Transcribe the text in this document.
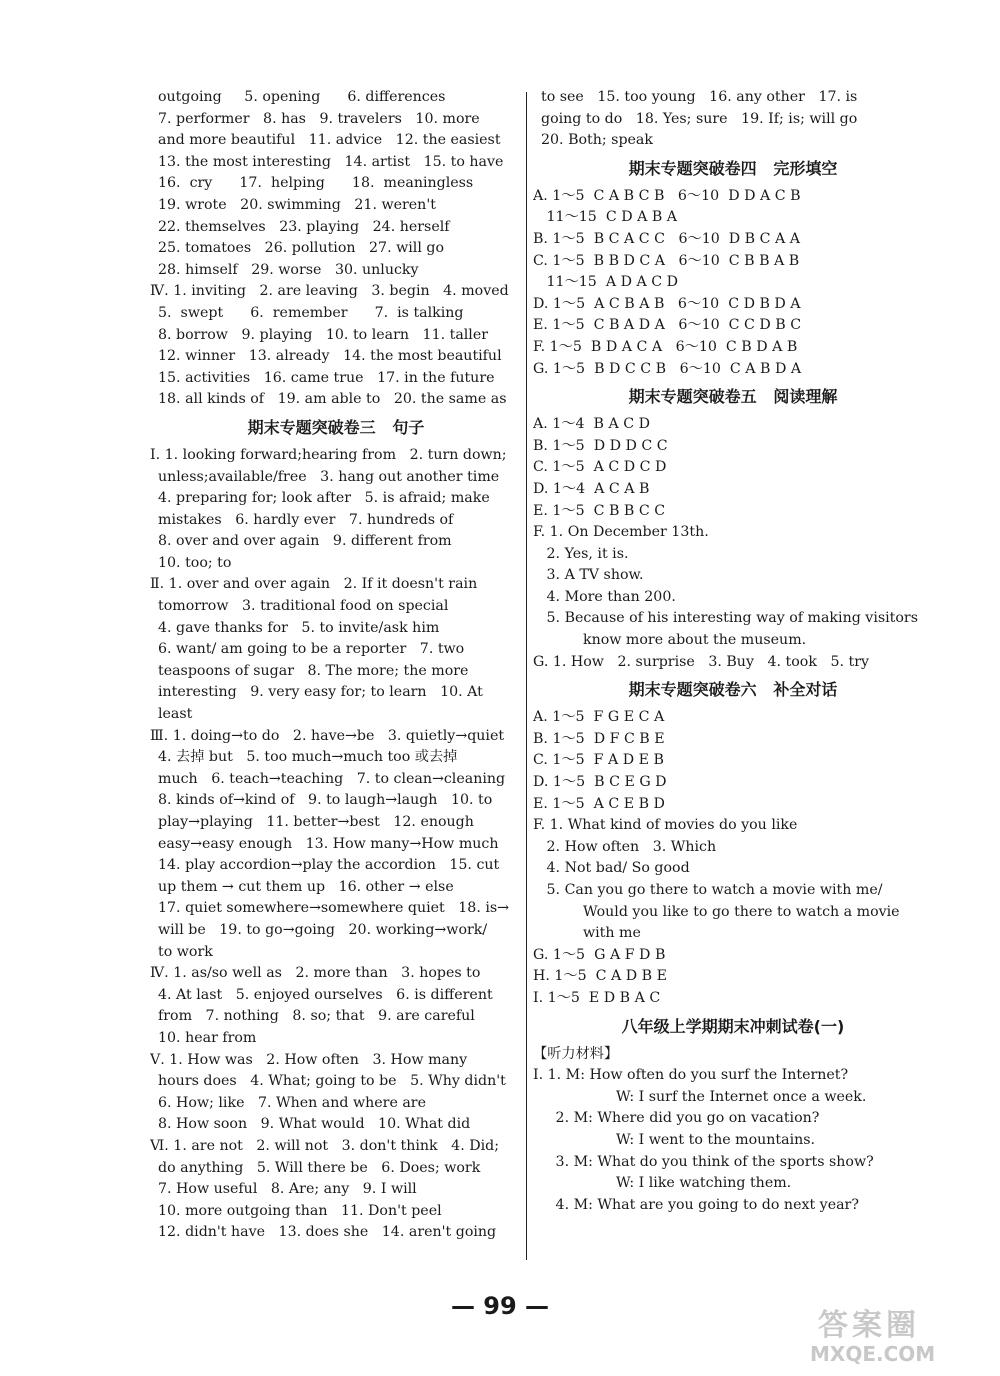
outgoing     5. opening      6. differences
7. performer   8. has   9. travelers   10. more
and more beautiful   11. advice   12. the easiest
13. the most interesting   14. artist   15. to have
16.  cry      17.  helping      18.  meaningless
19. wrote   20. swimming   21. weren't
22. themselves   23. playing   24. herself
25. tomatoes   26. pollution   27. will go
28. himself   29. worse   30. unlucky
Ⅳ. 1. inviting   2. are leaving   3. begin   4. moved
5.  swept      6.  remember      7.  is talking
8. borrow   9. playing   10. to learn   11. taller
12. winner   13. already   14. the most beautiful
15. activities   16. came true   17. in the future
18. all kinds of   19. am able to   20. the same as
期末专题突破卷三   句子
Ⅰ. 1. looking forward;hearing from   2. turn down;
unless;available/free   3. hang out another time
4. preparing for; look after   5. is afraid; make
mistakes   6. hardly ever   7. hundreds of
8. over and over again   9. different from
10. too; to
Ⅱ. 1. over and over again   2. If it doesn't rain
tomorrow   3. traditional food on special
4. gave thanks for   5. to invite/ask him
6. want/ am going to be a reporter   7. two
teaspoons of sugar   8. The more; the more
interesting   9. very easy for; to learn   10. At
least
Ⅲ. 1. doing→to do   2. have→be   3. quietly→quiet
4. 去掉 but   5. too much→much too 或去掉
much   6. teach→teaching   7. to clean→cleaning
8. kinds of→kind of   9. to laugh→laugh   10. to
play→playing   11. better→best   12. enough
easy→easy enough   13. How many→How much
14. play accordion→play the accordion   15. cut
up them → cut them up   16. other → else
17. quiet somewhere→somewhere quiet   18. is→
will be   19. to go→going   20. working→work/
to work
Ⅳ. 1. as/so well as   2. more than   3. hopes to
4. At last   5. enjoyed ourselves   6. is different
from   7. nothing   8. so; that   9. are careful
10. hear from
Ⅴ. 1. How was   2. How often   3. How many
hours does   4. What; going to be   5. Why didn't
6. How; like   7. When and where are
8. How soon   9. What would   10. What did
Ⅵ. 1. are not   2. will not   3. don't think   4. Did;
do anything   5. Will there be   6. Does; work
7. How useful   8. Are; any   9. I will
10. more outgoing than   11. Don't peel
12. didn't have   13. does she   14. aren't going
to see   15. too young   16. any other   17. is
going to do   18. Yes; sure   19. If; is; will go
20. Both; speak
期末专题突破卷四   完形填空
A. 1～5  C A B C B   6～10  D D A C B
11～15  C D A B A
B. 1～5  B C A C C   6～10  D B C A A
C. 1～5  B B D C A   6～10  C B B A B
11～15  A D A C D
D. 1～5  A C B A B   6～10  C D B D A
E. 1～5  C B A D A   6～10  C C D B C
F. 1～5  B D A C A   6～10  C B D A B
G. 1～5  B D C C B   6～10  C A B D A
期末专题突破卷五   阅读理解
A. 1～4  B A C D
B. 1～5  D D D C C
C. 1～5  A C D C D
D. 1～4  A C A B
E. 1～5  C B B C C
F. 1. On December 13th.
2. Yes, it is.
3. A TV show.
4. More than 200.
5. Because of his interesting way of making visitors
know more about the museum.
G. 1. How   2. surprise   3. Buy   4. took   5. try
期末专题突破卷六   补全对话
A. 1～5  F G E C A
B. 1～5  D F C B E
C. 1～5  F A D E B
D. 1～5  B C E G D
E. 1～5  A C E B D
F. 1. What kind of movies do you like
2. How often   3. Which
4. Not bad/ So good
5. Can you go there to watch a movie with me/
Would you like to go there to watch a movie
with me
G. 1～5  G A F D B
H. 1～5  C A D B E
I. 1～5  E D B A C
八年级上学期期末冲刺试卷(一)
【听力材料】
Ⅰ. 1. M: How often do you surf the Internet?
W: I surf the Internet once a week.
2. M: Where did you go on vacation?
W: I went to the mountains.
3. M: What do you think of the sports show?
W: I like watching them.
4. M: What are you going to do next year?
— 99 —
答案圈
MXQE.COM
